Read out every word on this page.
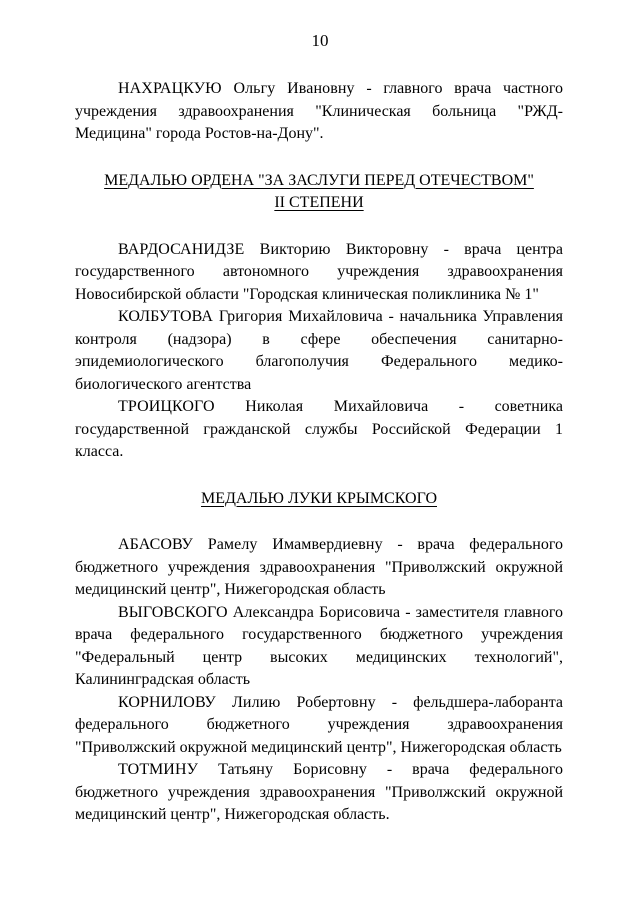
10

НАХРАЦКУЮ Ольгу Ивановну - главного врача частного учреждения здравоохранения "Клиническая больница "РЖД-Медицина" города Ростов-на-Дону".

МЕДАЛЬЮ ОРДЕНА "ЗА ЗАСЛУГИ ПЕРЕД ОТЕЧЕСТВОМ"

II СТЕПЕНИ

ВАРДОСАНИДЗЕ Викторию Викторовну - врача центра государственного автономного учреждения здравоохранения Новосибирской области "Городская клиническая поликлиника № 1"

КОЛБУТОВА Григория Михайловича - начальника Управления контроля (надзора) в сфере обеспечения санитарно-эпидемиологического благополучия Федерального медико-биологического агентства

ТРОИЦКОГО Николая Михайловича - советника государственной гражданской службы Российской Федерации 1 класса.

МЕДАЛЬЮ ЛУКИ КРЫМСКОГО

АБАСОВУ Рамелу Имамвердиевну - врача федерального бюджетного учреждения здравоохранения "Приволжский окружной медицинский центр", Нижегородская область

ВЫГОВСКОГО Александра Борисовича - заместителя главного врача федерального государственного бюджетного учреждения "Федеральный центр высоких медицинских технологий", Калининградская область

КОРНИЛОВУ Лилию Робертовну - фельдшера-лаборанта федерального бюджетного учреждения здравоохранения "Приволжский окружной медицинский центр", Нижегородская область

ТОТМИНУ Татьяну Борисовну - врача федерального бюджетного учреждения здравоохранения "Приволжский окружной медицинский центр", Нижегородская область.
